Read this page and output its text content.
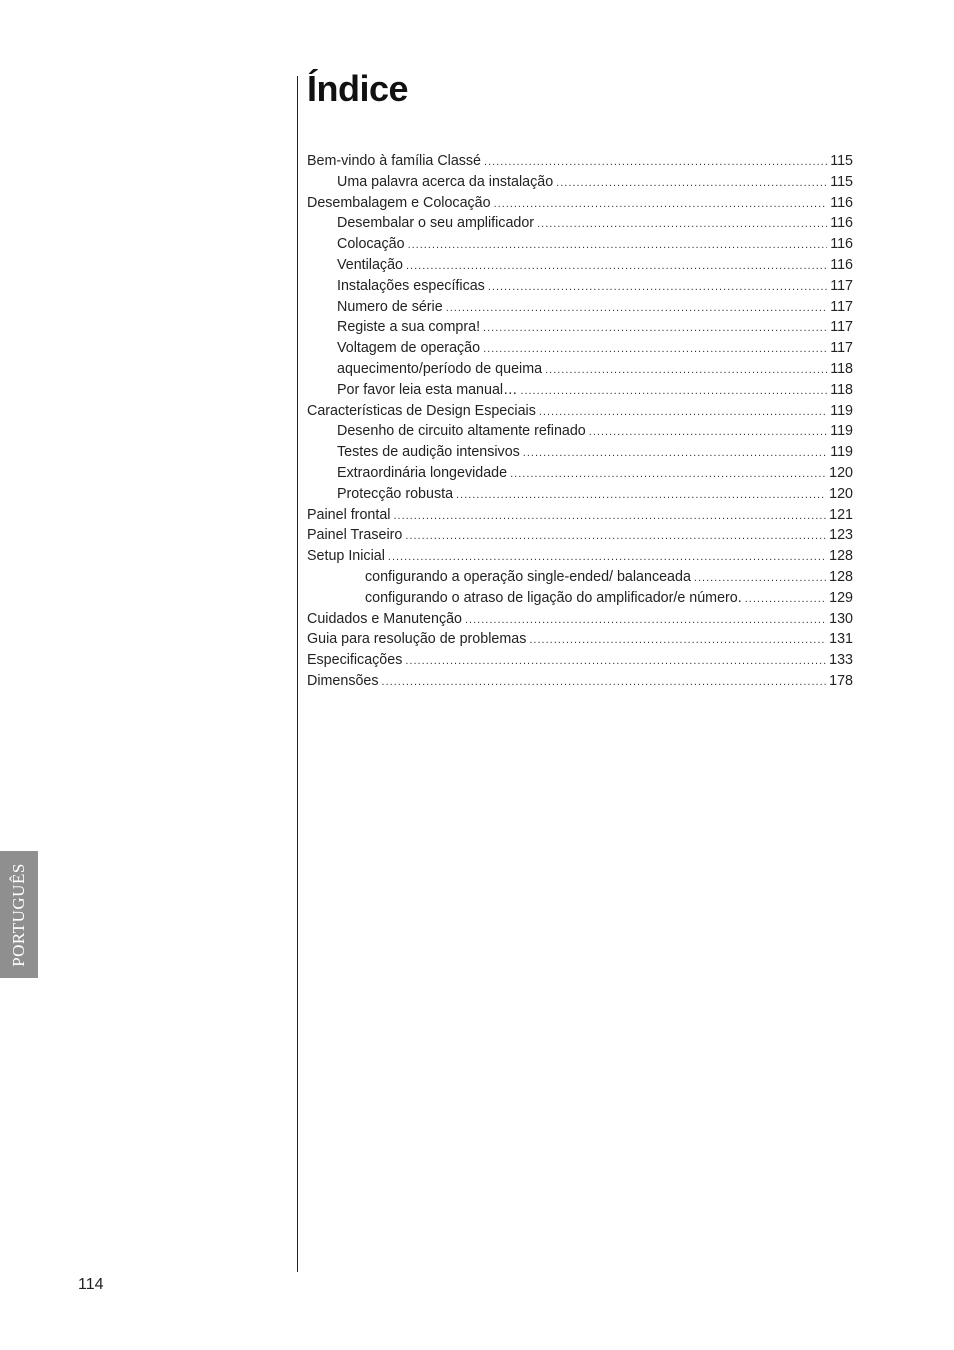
Índice
Bem-vindo à família Classé .....	115
Uma palavra acerca da instalação .....	115
Desembalagem e Colocação .....	116
Desembalar o seu amplificador .....	116
Colocação .....	116
Ventilação .....	116
Instalações específicas .....	117
Numero de série .....	117
Registe a sua compra! .....	117
Voltagem de operação .....	117
aquecimento/período de queima .....	118
Por favor leia esta manual… .....	118
Características de Design Especiais .....	119
Desenho de circuito altamente refinado .....	119
Testes de audição intensivos .....	119
Extraordinária longevidade .....	120
Protecção robusta .....	120
Painel frontal .....	121
Painel Traseiro .....	123
Setup Inicial .....	128
configurando a operação single-ended/ balanceada .....	128
configurando o atraso de ligação do amplificador/e número. .....	129
Cuidados e Manutenção .....	130
Guia para resolução de problemas .....	131
Especificações .....	133
Dimensões .....	178
PORTUGUÊS
114
